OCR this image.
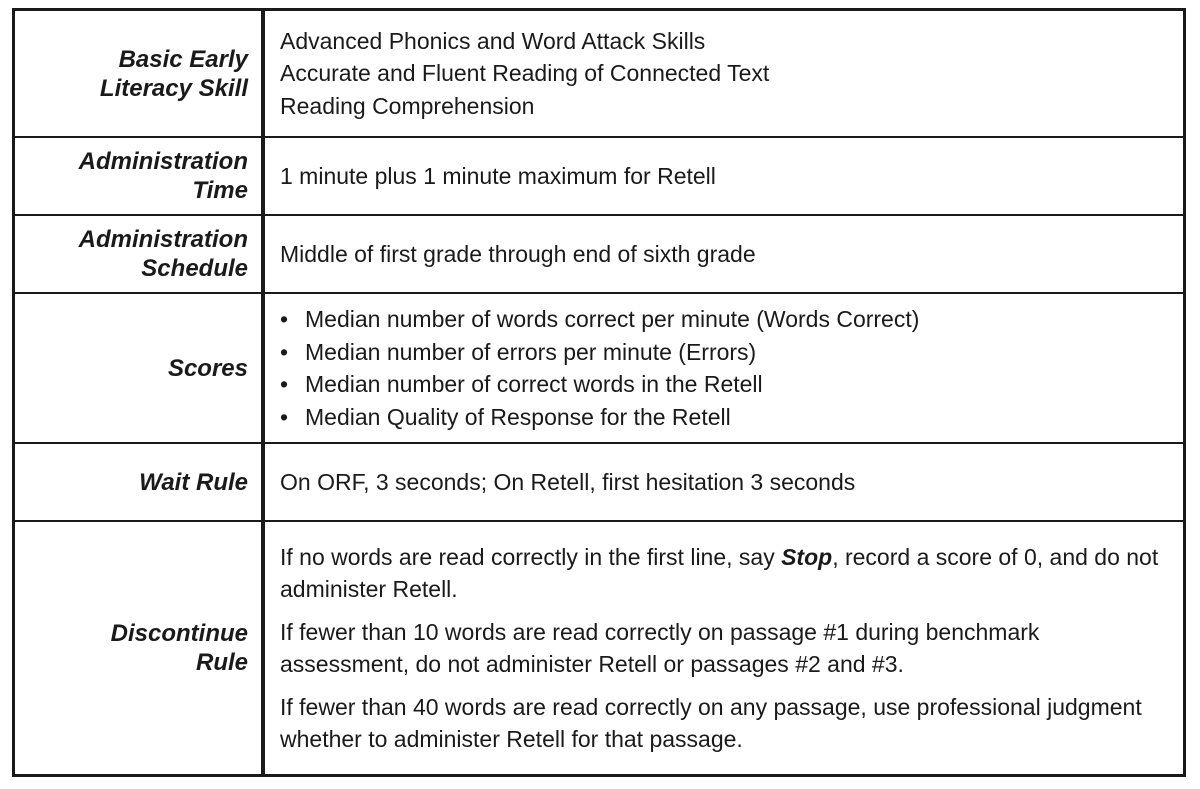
Basic Early
Literacy Skill
Advanced Phonics and Word Attack Skills
Accurate and Fluent Reading of Connected Text
Reading Comprehension
Administration
Time
1 minute plus 1 minute maximum for Retell
Administration
Schedule
Middle of first grade through end of sixth grade
Scores
• Median number of words correct per minute (Words Correct)
• Median number of errors per minute (Errors)
• Median number of correct words in the Retell
• Median Quality of Response for the Retell
Wait Rule On ORF, 3 seconds; On Retell, first hesitation 3 seconds
Discontinue
Rule

If no words are read correctly in the first line, say Stop, record a score of 0, and do not administer Retell.

If fewer than 10 words are read correctly on passage #1 during benchmark assessment, do not administer Retell or passages #2 and #3.

If fewer than 40 words are read correctly on any passage, use professional judgment whether to administer Retell for that passage.
